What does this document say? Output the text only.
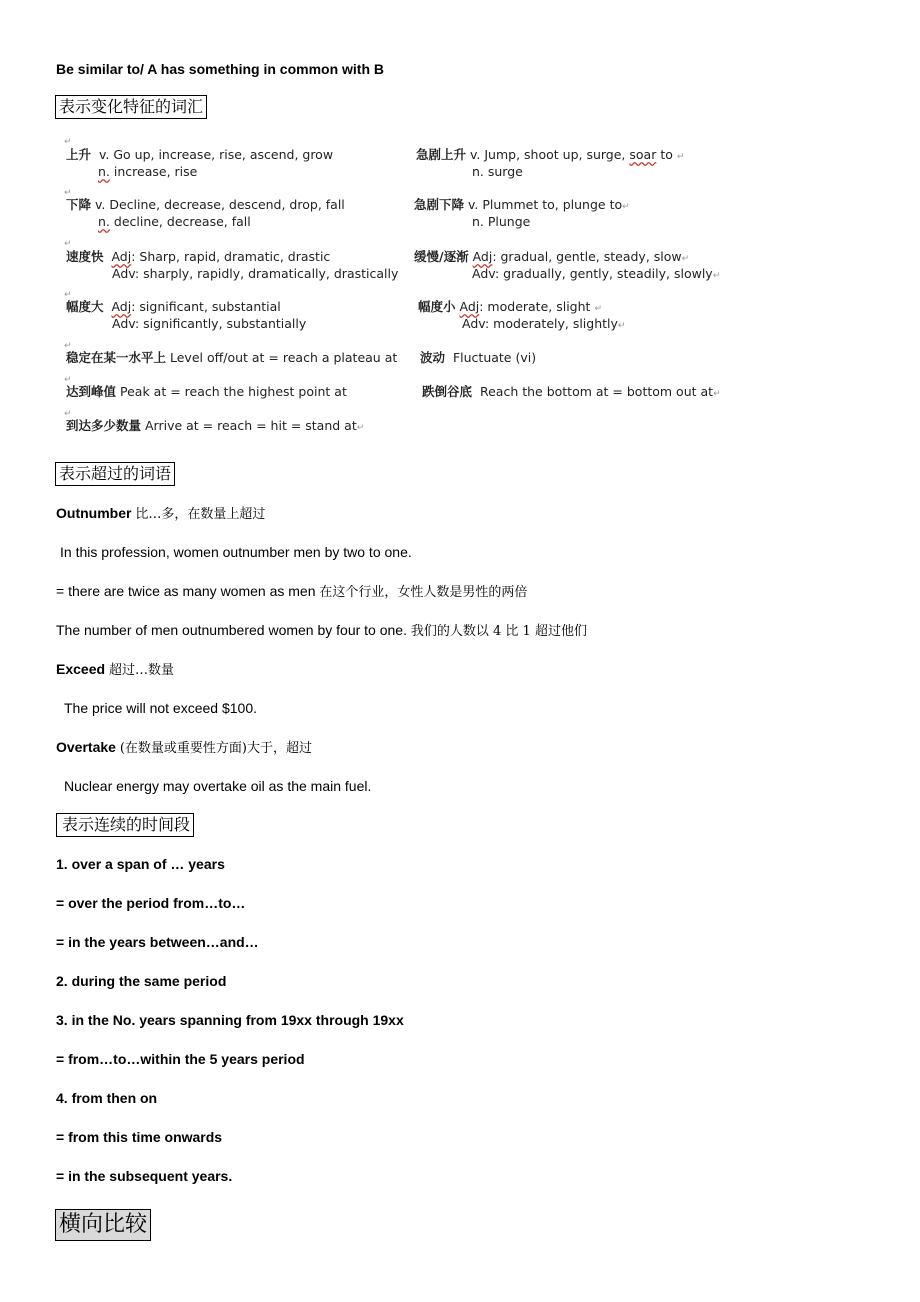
Be similar to/ A has something in common with B
表示变化特征的词汇
↵
上升 v. Go up, increase, rise, ascend, grow
n. increase, rise
急剧上升 v. Jump, shoot up, surge, soar to ↵
n. surge
↵
下降 v. Decline, decrease, descend, drop, fall
n. decline, decrease, fall
急剧下降 v. Plummet to, plunge to↵
n. Plunge
↵
速度快 Adj: Sharp, rapid, dramatic, drastic
Adv: sharply, rapidly, dramatically, drastically
缓慢/逐渐 Adj: gradual, gentle, steady, slow↵
Adv: gradually, gently, steadily, slowly↵
↵
幅度大 Adj: significant, substantial
Adv: significantly, substantially
幅度小 Adj: moderate, slight ↵
Adv: moderately, slightly↵
↵
稳定在某一水平上 Level off/out at = reach a plateau at 波动 Fluctuate (vi)
↵
达到峰值 Peak at = reach the highest point at	跌倒谷底 Reach the bottom at = bottom out at↵
↵
到达多少数量 Arrive at = reach = hit = stand at↵
表示超过的词语
Outnumber 比…多，在数量上超过
In this profession, women outnumber men by two to one.
= there are twice as many women as men 在这个行业，女性人数是男性的两倍
The number of men outnumbered women by four to one. 我们的人数以 4 比 1 超过他们
Exceed 超过…数量
The price will not exceed $100.
Overtake (在数量或重要性方面)大于，超过
Nuclear energy may overtake oil as the main fuel.
表示连续的时间段
1. over a span of … years
= over the period from…to…
= in the years between…and…
2. during the same period
3. in the No. years spanning from 19xx through 19xx
= from…to…within the 5 years period
4. from then on
= from this time onwards
= in the subsequent years.
横向比较
